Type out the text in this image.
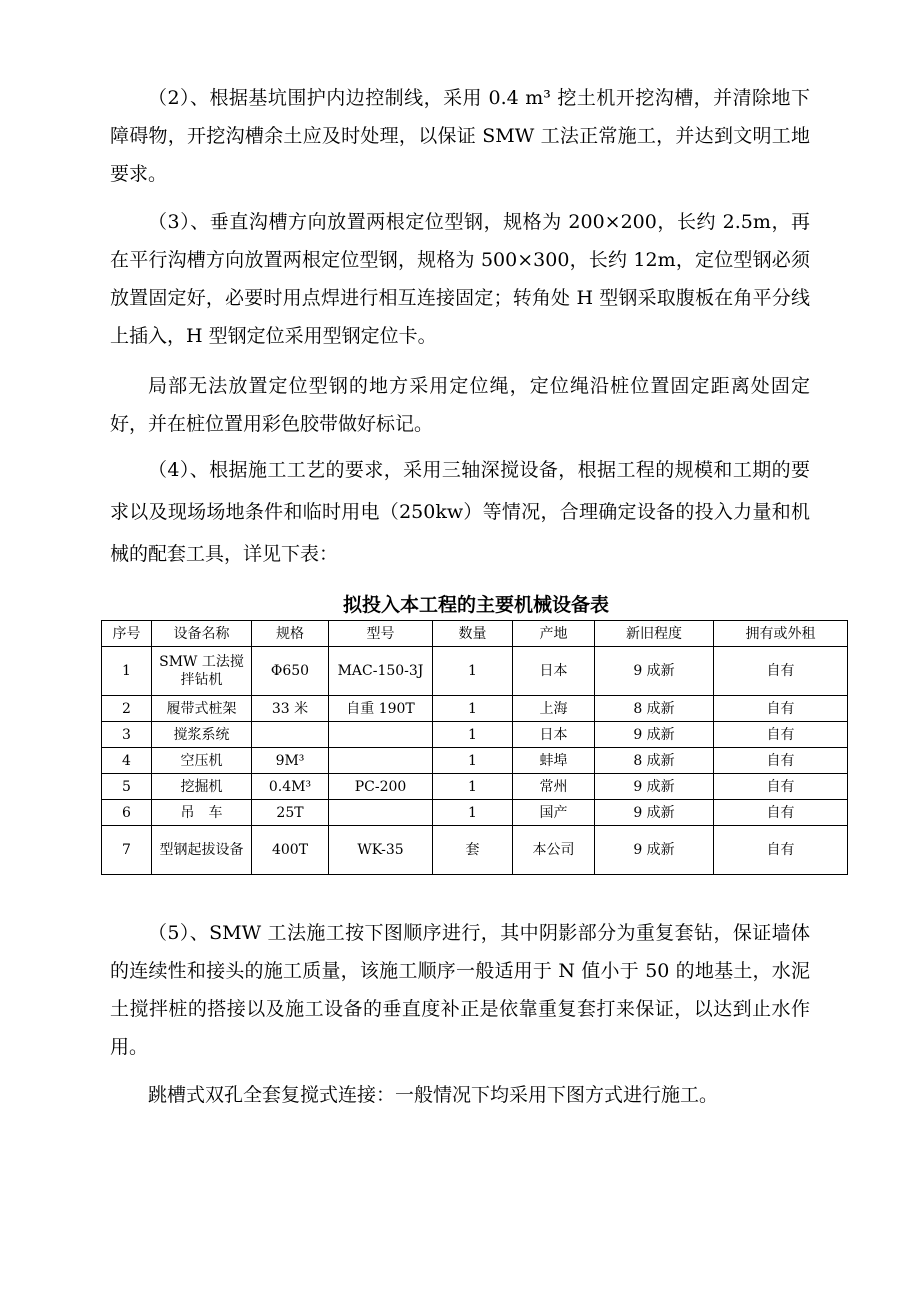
（2）、根据基坑围护内边控制线，采用 0.4 m³ 挖土机开挖沟槽，并清除地下障碍物，开挖沟槽余土应及时处理，以保证 SMW 工法正常施工，并达到文明工地要求。

（3）、垂直沟槽方向放置两根定位型钢，规格为 200×200，长约 2.5m，再在平行沟槽方向放置两根定位型钢，规格为 500×300，长约 12m，定位型钢必须放置固定好，必要时用点焊进行相互连接固定；转角处 H 型钢采取腹板在角平分线上插入，H 型钢定位采用型钢定位卡。

局部无法放置定位型钢的地方采用定位绳，定位绳沿桩位置固定距离处固定好，并在桩位置用彩色胶带做好标记。

（4）、根据施工工艺的要求，采用三轴深搅设备，根据工程的规模和工期的要求以及现场场地条件和临时用电（250kw）等情况，合理确定设备的投入力量和机械的配套工具，详见下表：

拟投入本工程的主要机械设备表

序号	设备名称	规格	型号	数量	产地	新旧程度	拥有或外租
1	SMW 工法搅拌钻机	Φ650	MAC-150-3J	1	日本	9 成新	自有
2	履带式桩架	33 米	自重 190T	1	上海	8 成新	自有
3	搅浆系统			1	日本	9 成新	自有
4	空压机	9M³		1	蚌埠	8 成新	自有
5	挖掘机	0.4M³	PC-200	1	常州	9 成新	自有
6	吊　车	25T		1	国产	9 成新	自有
7	型钢起拔设备	400T	WK-35	套	本公司	9 成新	自有

（5）、SMW 工法施工按下图顺序进行，其中阴影部分为重复套钻，保证墙体的连续性和接头的施工质量，该施工顺序一般适用于 N 值小于 50 的地基土，水泥土搅拌桩的搭接以及施工设备的垂直度补正是依靠重复套打来保证，以达到止水作用。

跳槽式双孔全套复搅式连接：一般情况下均采用下图方式进行施工。
